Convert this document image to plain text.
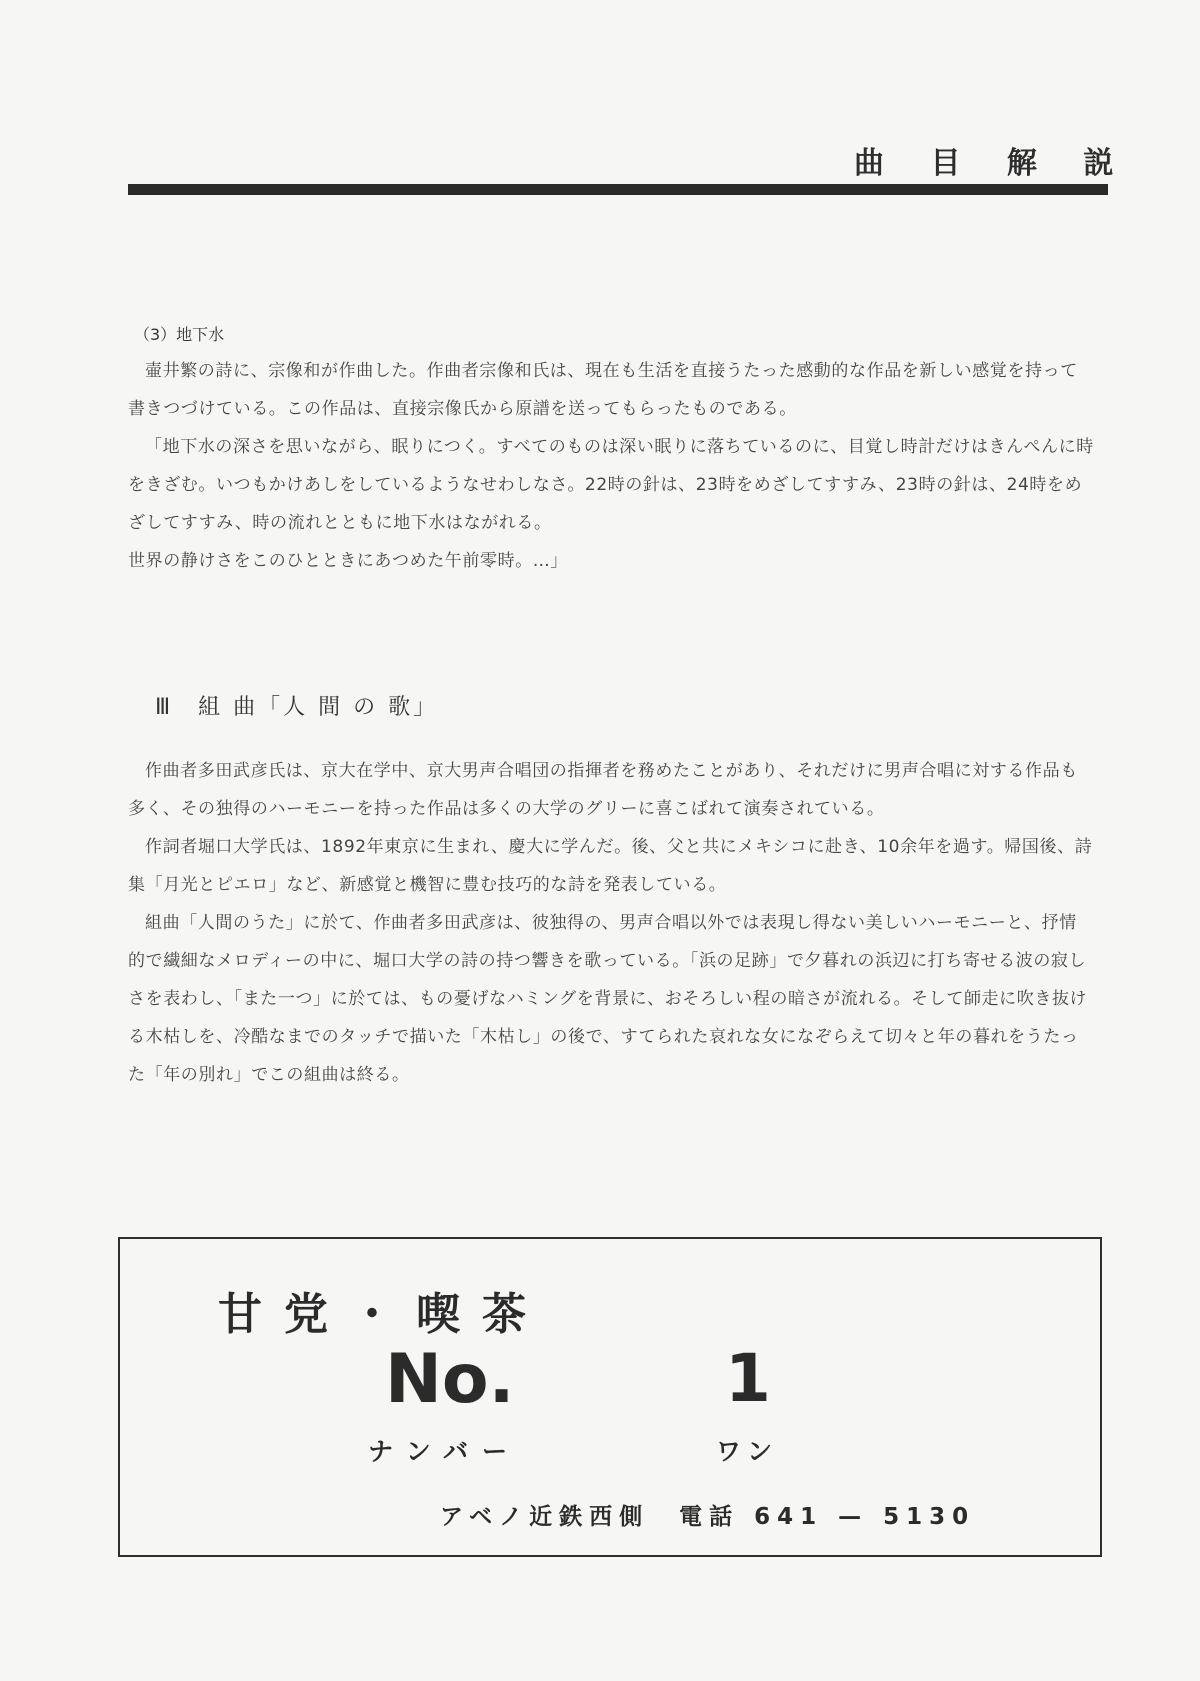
曲 目 解 説
（3）地下水

壷井繁の詩に、宗像和が作曲した。作曲者宗像和氏は、現在も生活を直接うたった感動的な作品を新しい感覚を持って書きつづけている。この作品は、直接宗像氏から原譜を送ってもらったものである。

「地下水の深さを思いながら、眠りにつく。すべてのものは深い眠りに落ちているのに、目覚し時計だけはきんぺんに時をきざむ。いつもかけあしをしているようなせわしなさ。22時の針は、23時をめざしてすすみ、23時の針は、24時をめざしてすすみ、時の流れとともに地下水はながれる。

世界の静けさをこのひとときにあつめた午前零時。…」

Ⅲ　組 曲「人 間 の 歌」

作曲者多田武彦氏は、京大在学中、京大男声合唱団の指揮者を務めたことがあり、それだけに男声合唱に対する作品も多く、その独得のハーモニーを持った作品は多くの大学のグリーに喜こばれて演奏されている。

作詞者堀口大学氏は、1892年東京に生まれ、慶大に学んだ。後、父と共にメキシコに赴き、10余年を過す。帰国後、詩集「月光とピエロ」など、新感覚と機智に豊む技巧的な詩を発表している。

組曲「人間のうた」に於て、作曲者多田武彦は、彼独得の、男声合唱以外では表現し得ない美しいハーモニーと、抒情的で繊細なメロディーの中に、堀口大学の詩の持つ響きを歌っている。「浜の足跡」で夕暮れの浜辺に打ち寄せる波の寂しさを表わし、「また一つ」に於ては、もの憂げなハミングを背景に、おそろしい程の暗さが流れる。そして師走に吹き抜ける木枯しを、冷酷なまでのタッチで描いた「木枯し」の後で、すてられた哀れな女になぞらえて切々と年の暮れをうたった「年の別れ」でこの組曲は終る。

甘党・喫茶
No.	1
ナンバー	ワン
アベノ近鉄西側　電話 641 — 5130
